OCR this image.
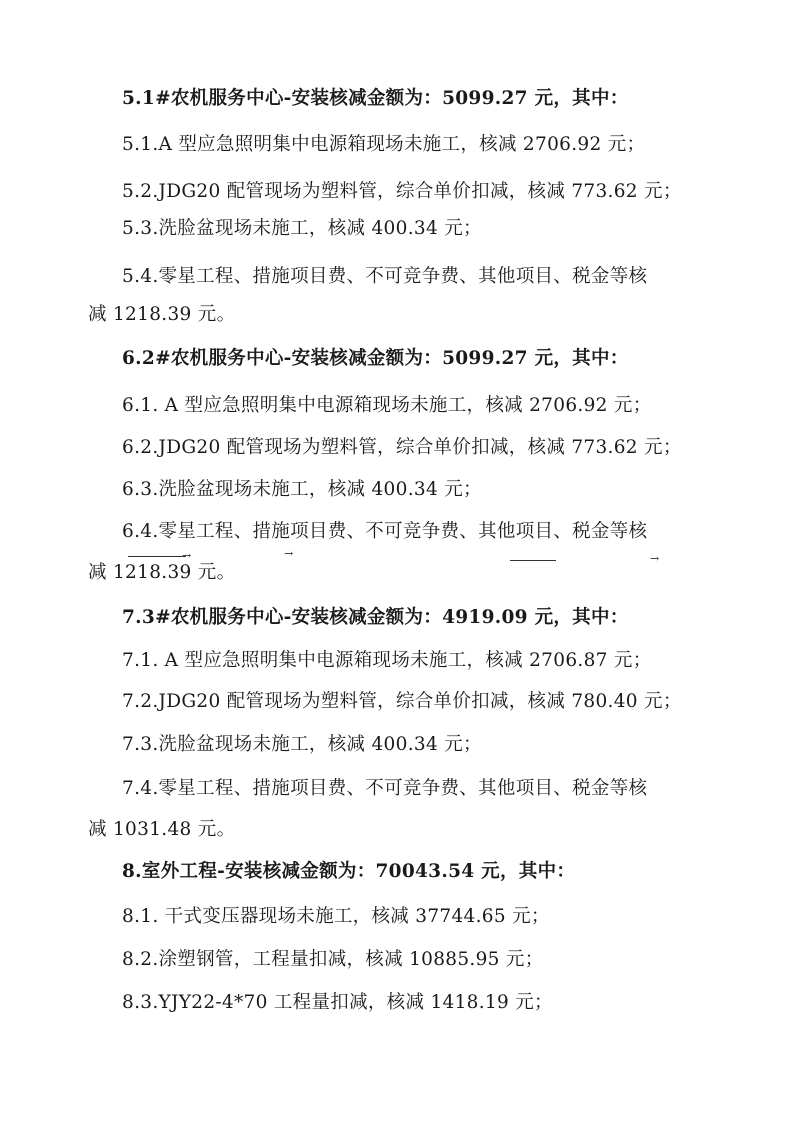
5.1#农机服务中心-安装核减金额为：5099.27 元，其中：
5.1.A 型应急照明集中电源箱现场未施工，核减 2706.92 元；
5.2.JDG20 配管现场为塑料管，综合单价扣减，核减 773.62 元；
5.3.洗脸盆现场未施工，核减 400.34 元；
5.4.零星工程、措施项目费、不可竞争费、其他项目、税金等核
减 1218.39 元。
6.2#农机服务中心-安装核减金额为：5099.27 元，其中：
6.1. A 型应急照明集中电源箱现场未施工，核减 2706.92 元；
6.2.JDG20 配管现场为塑料管，综合单价扣减，核减 773.62 元；
6.3.洗脸盆现场未施工，核减 400.34 元；
6.4.零星工程、措施项目费、不可竞争费、其他项目、税金等核
减 1218.39 元。
→	→	→
7.3#农机服务中心-安装核减金额为：4919.09 元，其中：
7.1. A 型应急照明集中电源箱现场未施工，核减 2706.87 元；
7.2.JDG20 配管现场为塑料管，综合单价扣减，核减 780.40 元；
7.3.洗脸盆现场未施工，核减 400.34 元；
7.4.零星工程、措施项目费、不可竞争费、其他项目、税金等核
减 1031.48 元。
8.室外工程-安装核减金额为：70043.54 元，其中：
8.1. 干式变压器现场未施工，核减 37744.65 元；
8.2.涂塑钢管，工程量扣减，核减 10885.95 元；
8.3.YJY22-4*70 工程量扣减，核减 1418.19 元；
